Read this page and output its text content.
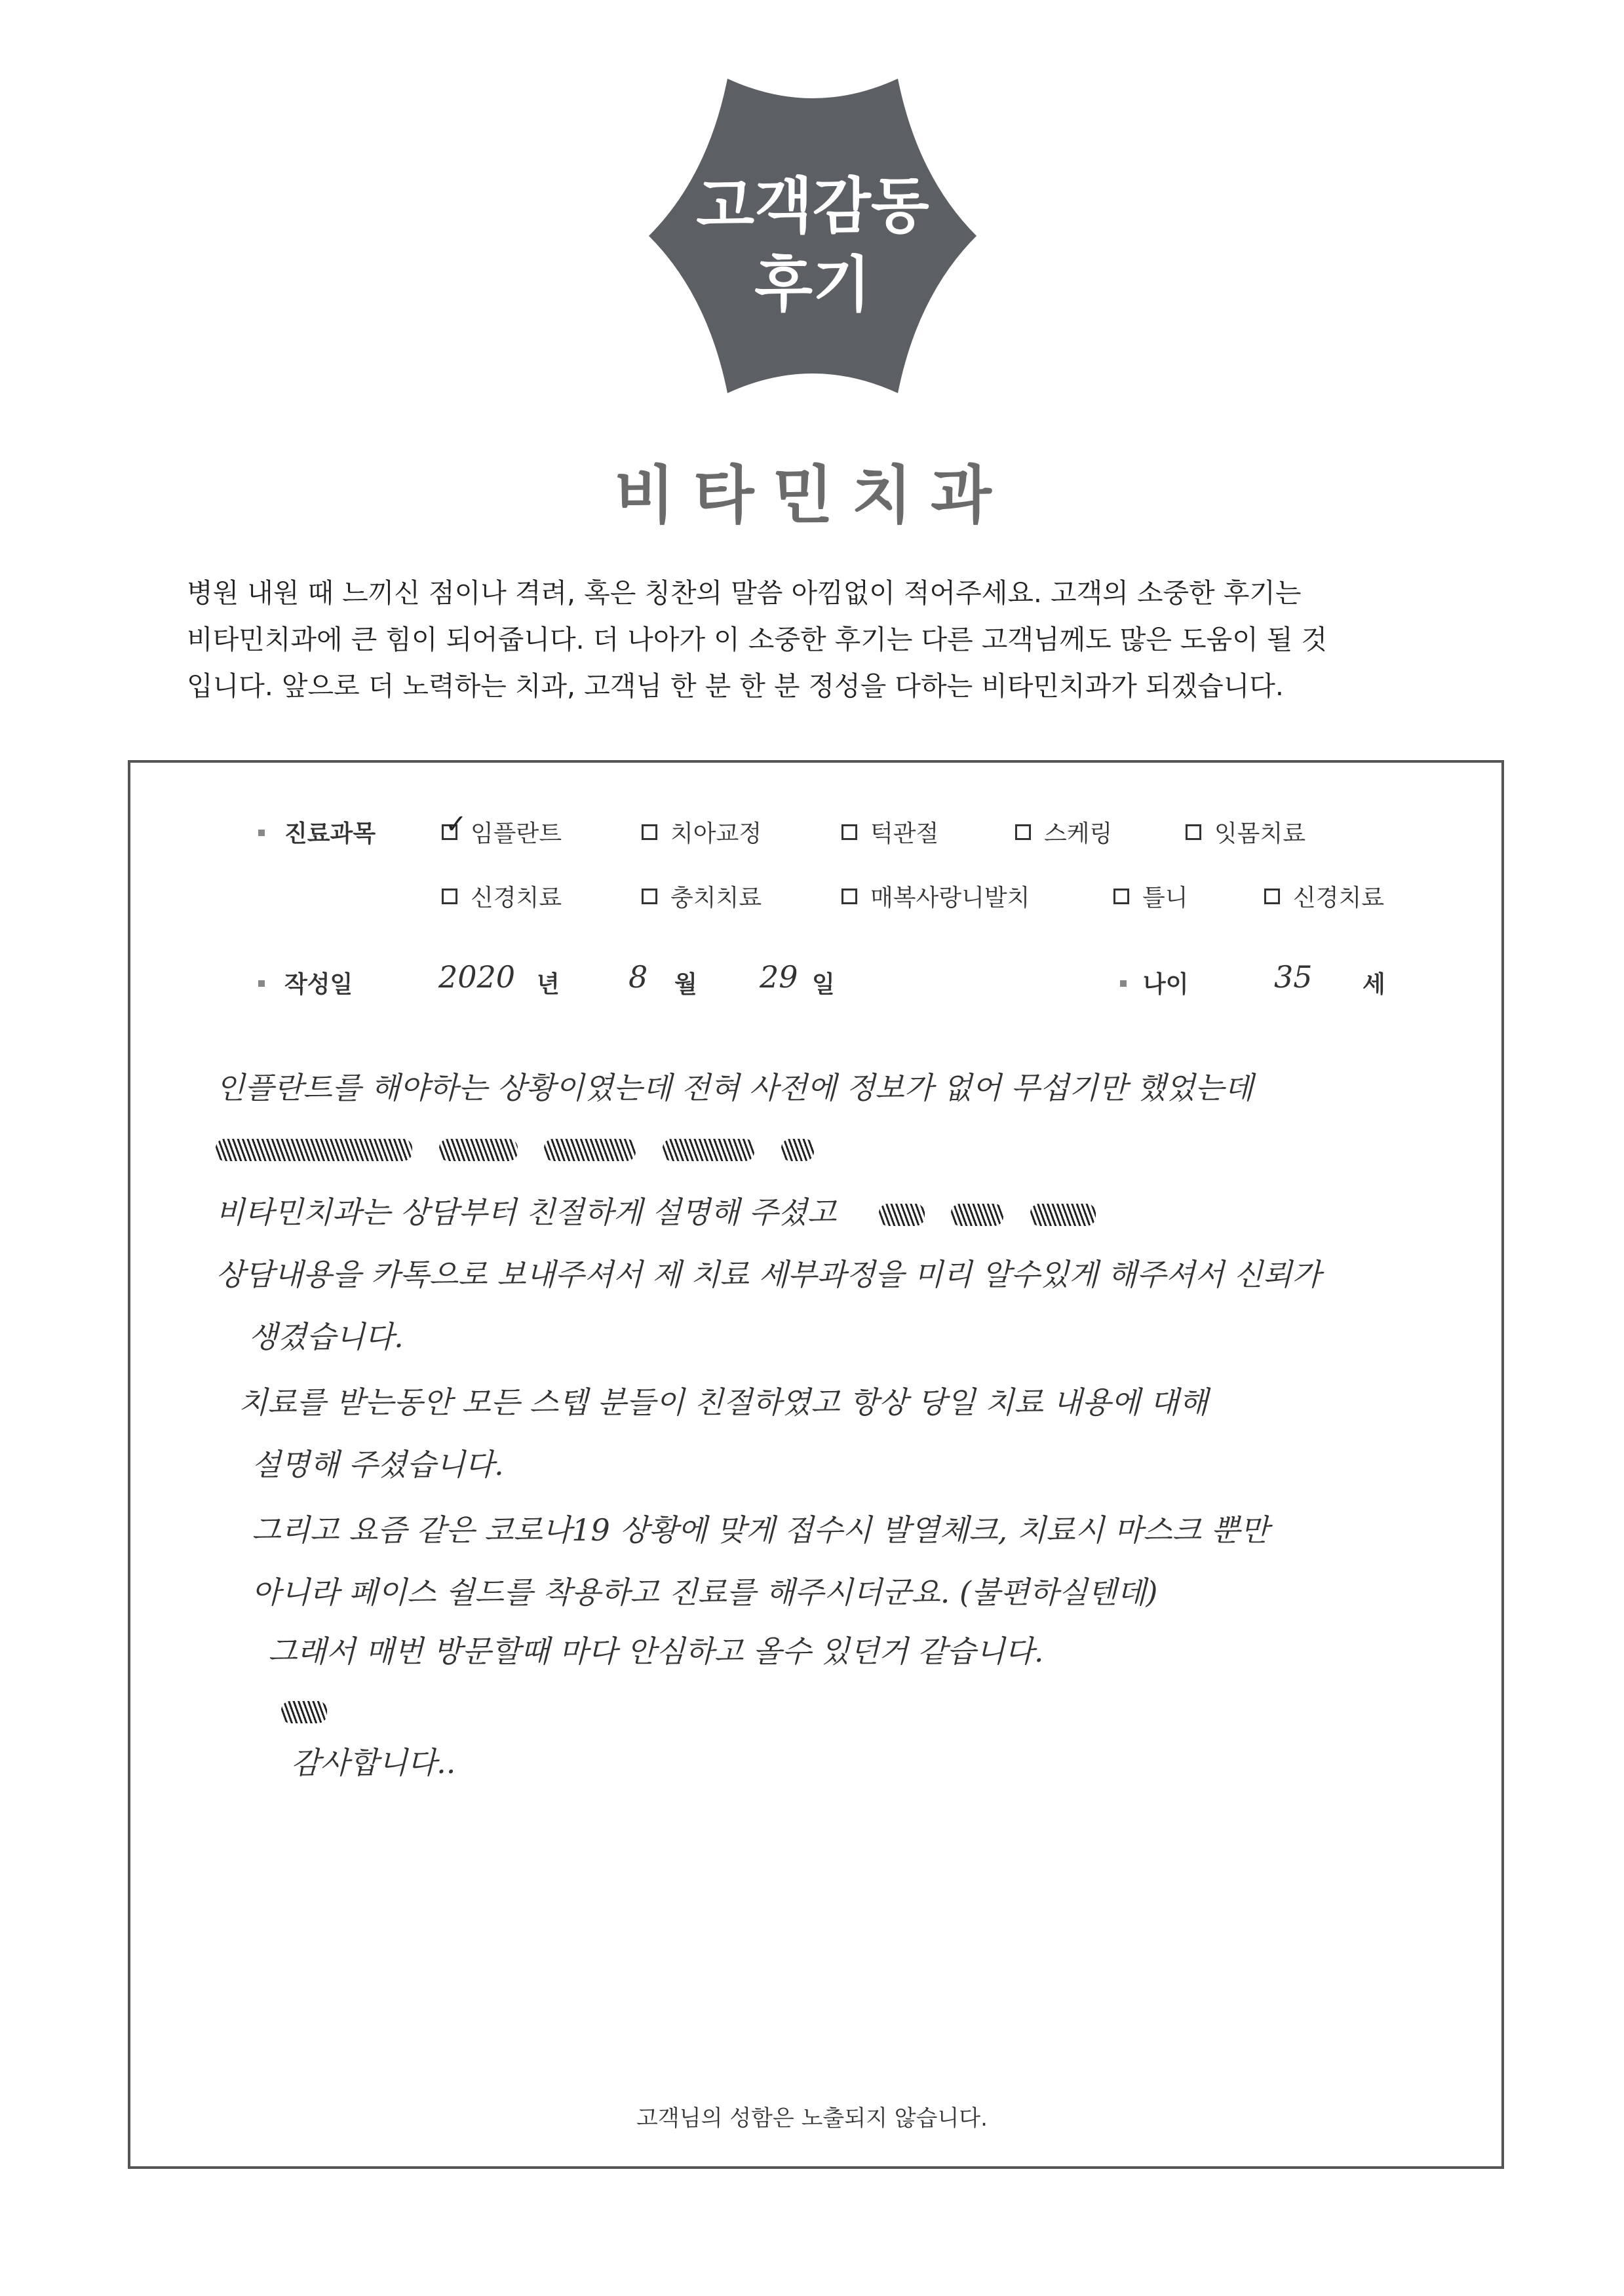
고객감동
후기
비타민치과
병원 내원 때 느끼신 점이나 격려, 혹은 칭찬의 말씀 아낌없이 적어주세요. 고객의 소중한 후기는
비타민치과에 큰 힘이 되어줍니다. 더 나아가 이 소중한 후기는 다른 고객님께도 많은 도움이 될 것
입니다. 앞으로 더 노력하는 치과, 고객님 한 분 한 분 정성을 다하는 비타민치과가 되겠습니다.
진료과목
✓	임플란트	치아교정	턱관절	스케링	잇몸치료
신경치료	충치치료	매복사랑니발치	틀니	신경치료
작성일	2020 년 8 월 29 일	나이	35 세
인플란트를 해야하는 상황이였는데 전혀 사전에 정보가 없어 무섭기만 했었는데

비타민치과는 상담부터 친절하게 설명해 주셨고
상담내용을 카톡으로 보내주셔서 제 치료 세부과정을 미리 알수있게 해주셔서 신뢰가
생겼습니다.
치료를 받는동안 모든 스텝 분들이 친절하였고 항상 당일 치료 내용에 대해
설명해 주셨습니다.
그리고 요즘 같은 코로나19 상황에 맞게 접수시 발열체크, 치료시 마스크 뿐만
아니라 페이스 쉴드를 착용하고 진료를 해주시더군요. (불편하실텐데)
그래서 매번 방문할때 마다 안심하고 올수 있던거 같습니다.
감사합니다..
고객님의 성함은 노출되지 않습니다.
